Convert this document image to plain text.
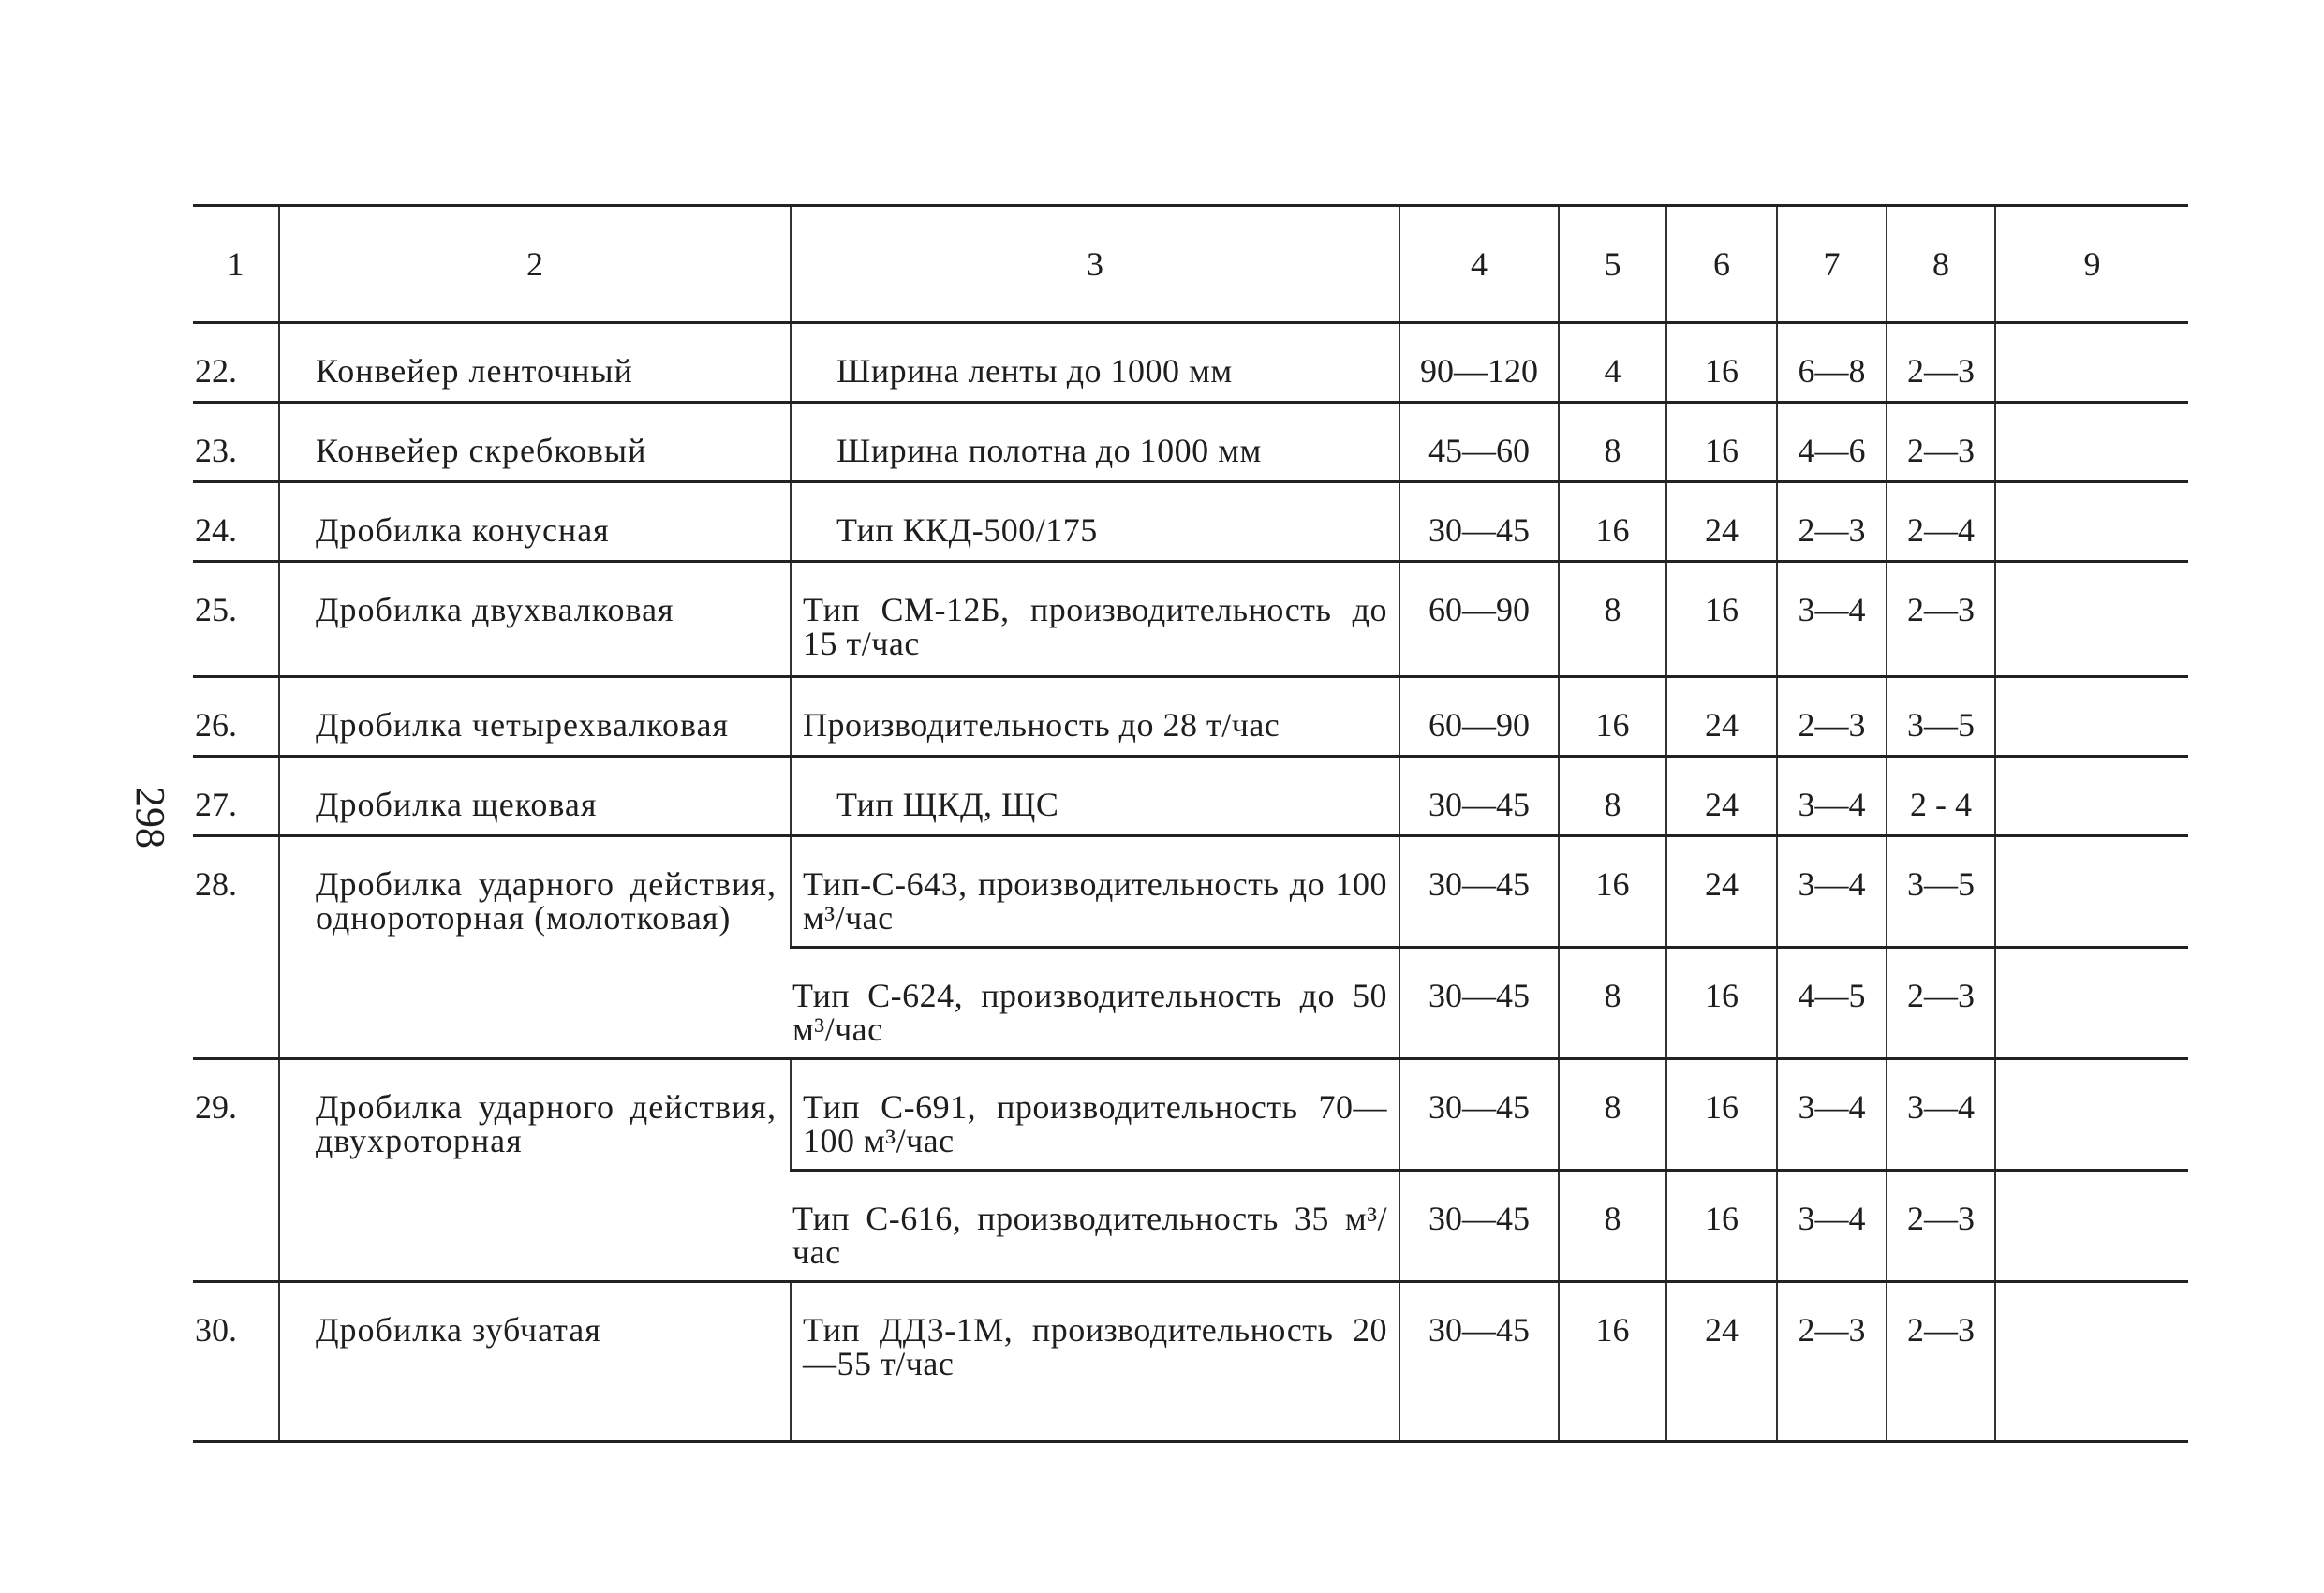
298
1	2	3	4	5	6	7	8	9
22.	Конвейер ленточный	Ширина ленты до 1000 мм	90—120	4	16	6—8	2—3	
23.	Конвейер скребковый	Ширина полотна до 1000 мм	45—60	8	16	4—6	2—3	
24.	Дробилка конусная	Тип ККД-500/175	30—45	16	24	2—3	2—4	
25.	Дробилка двухвалковая	Тип СМ-12Б, производительность до 15 т/час	60—90	8	16	3—4	2—3	
26.	Дробилка четырехвалковая	Производительность до 28 т/час	60—90	16	24	2—3	3—5	
27.	Дробилка щековая	Тип ЩКД, ЩС	30—45	8	24	3—4	2 - 4	
28.	Дробилка ударного действия, однороторная (молотковая)	Тип-С-643, производительность до 100 м³/час	30—45	16	24	3—4	3—5	
		Тип С-624, производительность до 50 м³/час	30—45	8	16	4—5	2—3	
29.	Дробилка ударного действия, двухроторная	Тип С-691, производительность 70—100 м³/час	30—45	8	16	3—4	3—4	
		Тип С-616, производительность 35 м³/час	30—45	8	16	3—4	2—3	
30.	Дробилка зубчатая	Тип ДДЗ-1М, производительность 20—55 т/час	30—45	16	24	2—3	2—3	
